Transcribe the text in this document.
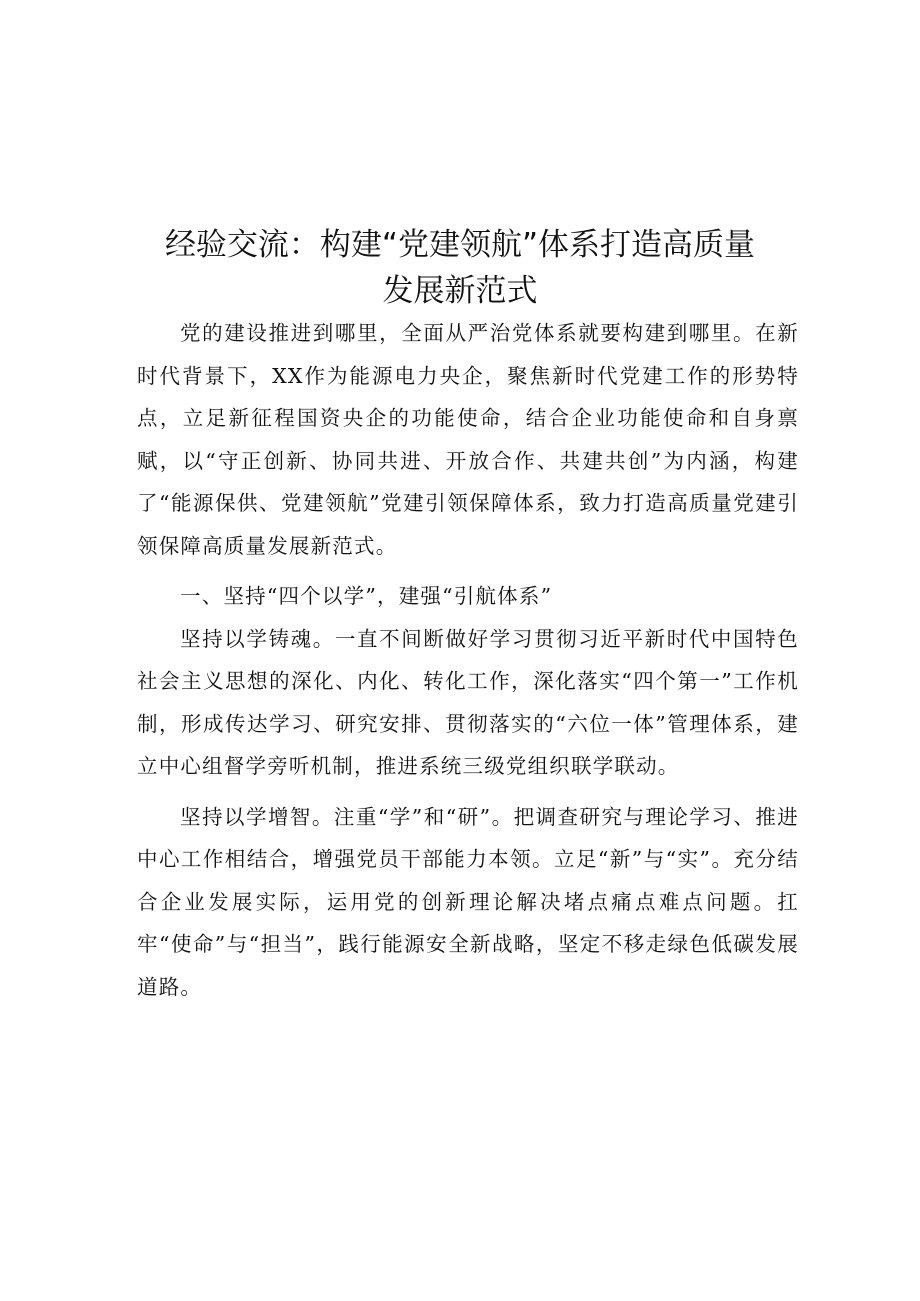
经验交流：构建“党建领航”体系打造高质量
发展新范式

党的建设推进到哪里，全面从严治党体系就要构建到哪里。在新时代背景下，XX作为能源电力央企，聚焦新时代党建工作的形势特点，立足新征程国资央企的功能使命，结合企业功能使命和自身禀赋，以“守正创新、协同共进、开放合作、共建共创”为内涵，构建了“能源保供、党建领航”党建引领保障体系，致力打造高质量党建引领保障高质量发展新范式。

一、坚持“四个以学”，建强“引航体系”

坚持以学铸魂。一直不间断做好学习贯彻习近平新时代中国特色社会主义思想的深化、内化、转化工作，深化落实“四个第一”工作机制，形成传达学习、研究安排、贯彻落实的“六位一体”管理体系，建立中心组督学旁听机制，推进系统三级党组织联学联动。

坚持以学增智。注重“学”和“研”。把调查研究与理论学习、推进中心工作相结合，增强党员干部能力本领。立足“新”与“实”。充分结合企业发展实际，运用党的创新理论解决堵点痛点难点问题。扛牢“使命”与“担当”，践行能源安全新战略，坚定不移走绿色低碳发展道路。
